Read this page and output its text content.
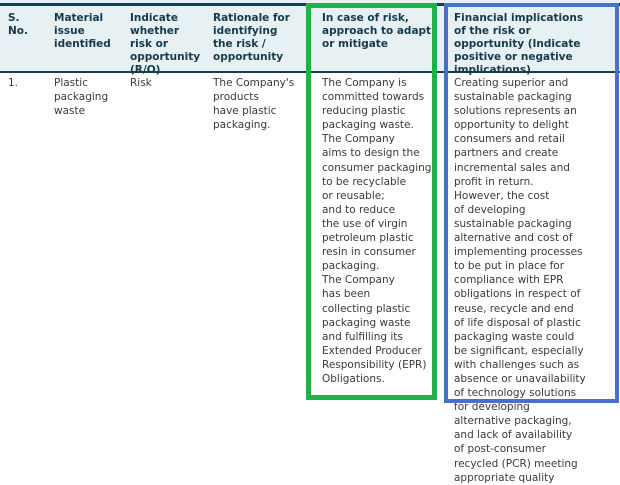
S.
No.
Material
issue
identified
Indicate
whether
risk or
opportunity
(R/O)
Rationale for
identifying
the risk /
opportunity
In case of risk,
approach to adapt
or mitigate
Financial implications
of the risk or
opportunity (Indicate
positive or negative
implications)
1.	Plastic
packaging
waste
Risk	The Company's
products
have plastic
packaging.
The Company is
committed towards
reducing plastic
packaging waste.
The Company
aims to design the
consumer packaging
to be recyclable
or reusable;
and to reduce
the use of virgin
petroleum plastic
resin in consumer
packaging.
The Company
has been
collecting plastic
packaging waste
and fulfilling its
Extended Producer
Responsibility (EPR)
Obligations.
Creating superior and
sustainable packaging
solutions represents an
opportunity to delight
consumers and retail
partners and create
incremental sales and
profit in return.
However, the cost
of developing
sustainable packaging
alternative and cost of
implementing processes
to be put in place for
compliance with EPR
obligations in respect of
reuse, recycle and end
of life disposal of plastic
packaging waste could
be significant, especially
with challenges such as
absence or unavailability
of technology solutions
for developing
alternative packaging,
and lack of availability
of post-consumer
recycled (PCR) meeting
appropriate quality
